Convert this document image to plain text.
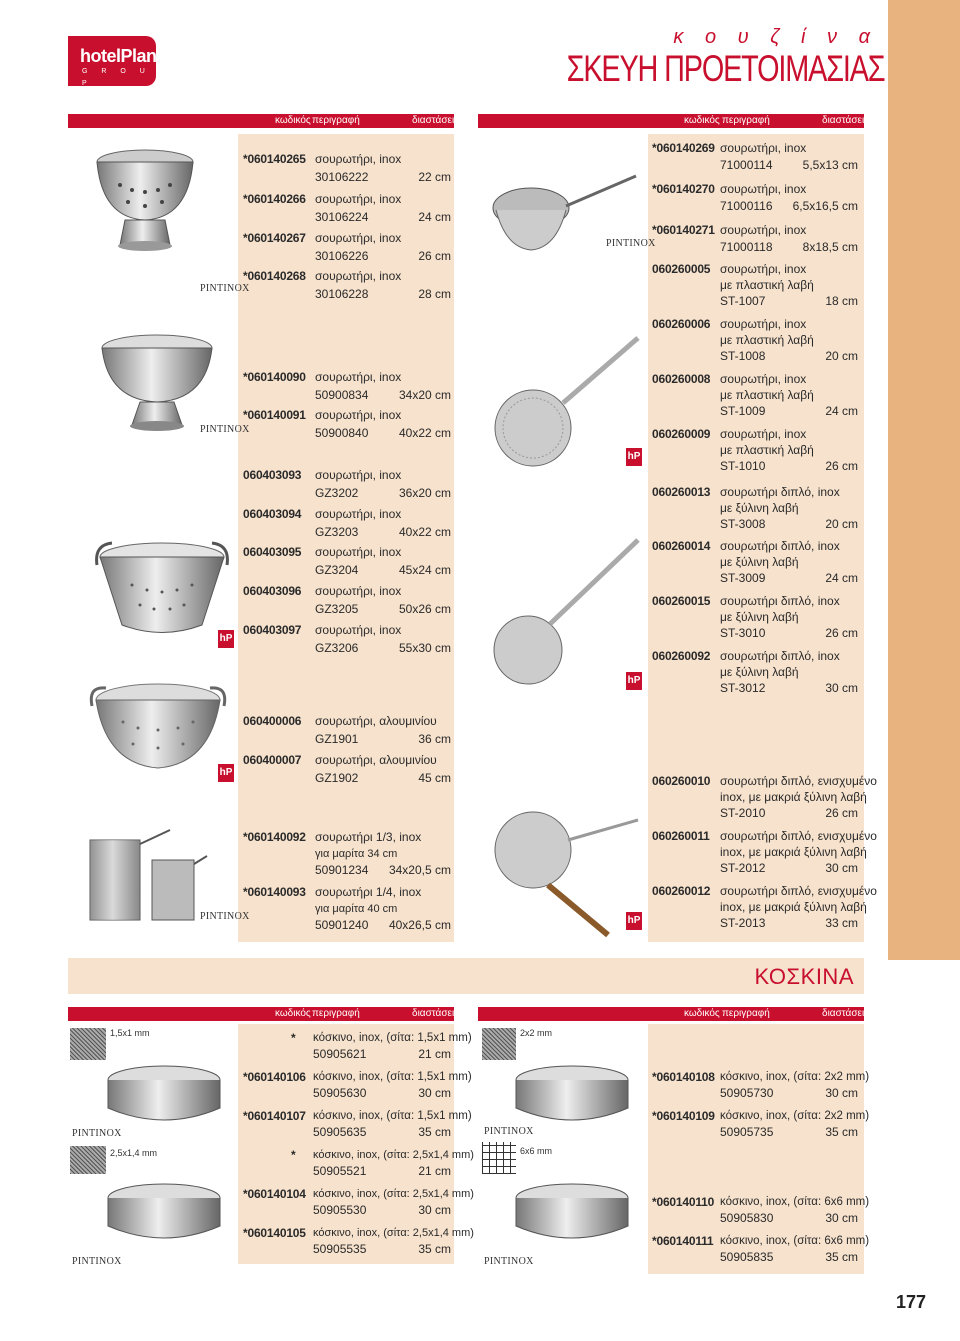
hotelPlan
G R O U P
κ ο υ ζ ί ν α
ΣΚΕΥΗ ΠΡΟΕΤΟΙΜΑΣΙΑΣ
κωδικός περιγραφή	διαστάσεις
PINTINOX
PINTINOX
hP
hP
PINTINOX
*060140265 σουρωτήρι, inox
30106222	22 cm
*060140266 σουρωτήρι, inox
30106224	24 cm
*060140267 σουρωτήρι, inox
30106226	26 cm
*060140268 σουρωτήρι, inox
30106228	28 cm
*060140090 σουρωτήρι, inox
50900834	34x20 cm
*060140091 σουρωτήρι, inox
50900840	40x22 cm
060403093 σουρωτήρι, inox
GZ3202	36x20 cm
060403094 σουρωτήρι, inox
GZ3203	40x22 cm
060403095 σουρωτήρι, inox
GZ3204	45x24 cm
060403096 σουρωτήρι, inox
GZ3205	50x26 cm
060403097 σουρωτήρι, inox
GZ3206	55x30 cm
060400006 σουρωτήρι, αλουμινίου
GZ1901	36 cm
060400007 σουρωτήρι, αλουμινίου
GZ1902	45 cm
*060140092 σουρωτήρι 1/3, inox
για μαρίτα 34 cm
50901234 34x20,5 cm
*060140093 σουρωτήρι 1/4, inox
για μαρίτα 40 cm
50901240 40x26,5 cm
κωδικός περιγραφή	διαστάσεις
PINTINOX
hP
hP
hP
*060140269 σουρωτήρι, inox
71000114	5,5x13 cm
*060140270 σουρωτήρι, inox
71000116 6,5x16,5 cm
*060140271 σουρωτήρι, inox
71000118	8x18,5 cm
060260005 σουρωτήρι, inox
με πλαστική λαβή
ST-1007	18 cm
060260006 σουρωτήρι, inox
με πλαστική λαβή
ST-1008	20 cm
060260008 σουρωτήρι, inox
με πλαστική λαβή
ST-1009	24 cm
060260009 σουρωτήρι, inox
με πλαστική λαβή
ST-1010	26 cm
060260013 σουρωτήρι διπλό, inox
με ξύλινη λαβή
ST-3008	20 cm
060260014 σουρωτήρι διπλό, inox
με ξύλινη λαβή
ST-3009	24 cm
060260015 σουρωτήρι διπλό, inox
με ξύλινη λαβή
ST-3010	26 cm
060260092 σουρωτήρι διπλό, inox
με ξύλινη λαβή
ST-3012	30 cm
060260010 σουρωτήρι διπλό, ενισχυμένο
inox, με μακριά ξύλινη λαβή
ST-2010	26 cm
060260011 σουρωτήρι διπλό, ενισχυμένο
inox, με μακριά ξύλινη λαβή
ST-2012	30 cm
060260012 σουρωτήρι διπλό, ενισχυμένο
inox, με μακριά ξύλινη λαβή
ST-2013	33 cm
ΚΟΣΚΙΝΑ
κωδικός περιγραφή	διαστάσεις	κωδικός περιγραφή	διαστάσεις
1,5x1 mm
2,5x1,4 mm
2x2 mm
6x6 mm
PINTINOX
PINTINOX
PINTINOX
PINTINOX
* κόσκινο, inox, (σίτα: 1,5x1 mm)
50905621	21 cm
*060140106 κόσκινο, inox, (σίτα: 1,5x1 mm)
50905630	30 cm
*060140107 κόσκινο, inox, (σίτα: 1,5x1 mm)
50905635	35 cm
* κόσκινο, inox, (σίτα: 2,5x1,4 mm)
50905521	21 cm
*060140104 κόσκινο, inox, (σίτα: 2,5x1,4 mm)
50905530	30 cm
*060140105 κόσκινο, inox, (σίτα: 2,5x1,4 mm)
50905535	35 cm
*060140108 κόσκινο, inox, (σίτα: 2x2 mm)
50905730	30 cm
*060140109 κόσκινο, inox, (σίτα: 2x2 mm)
50905735	35 cm
*060140110 κόσκινο, inox, (σίτα: 6x6 mm)
50905830	30 cm
*060140111 κόσκινο, inox, (σίτα: 6x6 mm)
50905835	35 cm
177
